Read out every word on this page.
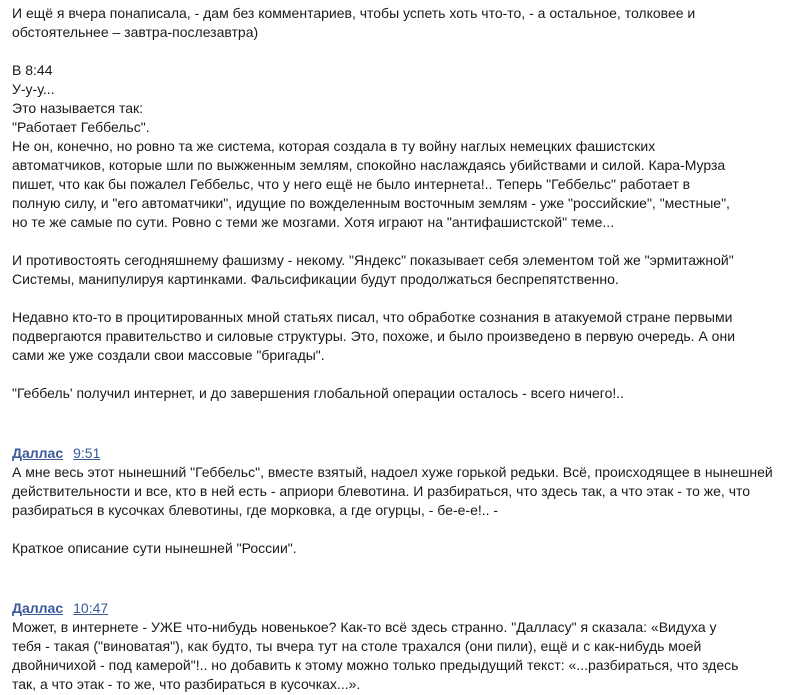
И ещё я вчера понаписала, - дам без комментариев, чтобы успеть хоть что-то, - а остальное, толковее и

обстоятельнее – завтра-послезавтра)

В 8:44

У-у-у...

Это называется так:

"Работает Геббельс".

Не он, конечно, но ровно та же система, которая создала в ту войну наглых немецких фашистских

автоматчиков, которые шли по выжженным землям, спокойно наслаждаясь убийствами и силой. Кара-Мурза

пишет, что как бы пожалел Геббельс, что у него ещё не было интернета!.. Теперь "Геббельс" работает в

полную силу, и "его автоматчики", идущие по вожделенным восточным землям - уже "российские", "местные",

но те же самые по сути. Ровно с теми же мозгами. Хотя играют на "антифашистской" теме...

И противостоять сегодняшнему фашизму - некому. "Яндекс" показывает себя элементом той же "эрмитажной"

Системы, манипулируя картинками. Фальсификации будут продолжаться беспрепятственно.

Недавно кто-то в процитированных мной статьях писал, что обработке сознания в атакуемой стране первыми

подвергаются правительство и силовые структуры. Это, похоже, и было произведено в первую очередь. А они

сами же уже создали свои массовые "бригады".

"Геббель' получил интернет, и до завершения глобальной операции осталось - всего ничего!..

Даллас 9:51

А мне весь этот нынешний "Геббельс", вместе взятый, надоел хуже горькой редьки. Всё, происходящее в нынешней

действительности и все, кто в ней есть - априори блевотина. И разбираться, что здесь так, а что этак - то же, что

разбираться в кусочках блевотины, где морковка, а где огурцы, - бе-е-е!.. -

Краткое описание сути нынешней "России".

Даллас 10:47

Может, в интернете - УЖЕ что-нибудь новенькое? Как-то всё здесь странно. "Далласу" я сказала: «Видуха у

тебя - такая ("виноватая"), как будто, ты вчера тут на столе трахался (они пили), ещё и с как-нибудь моей

двойничихой - под камерой"!.. но добавить к этому можно только предыдущий текст: «...разбираться, что здесь

так, а что этак - то же, что разбираться в кусочках...».
